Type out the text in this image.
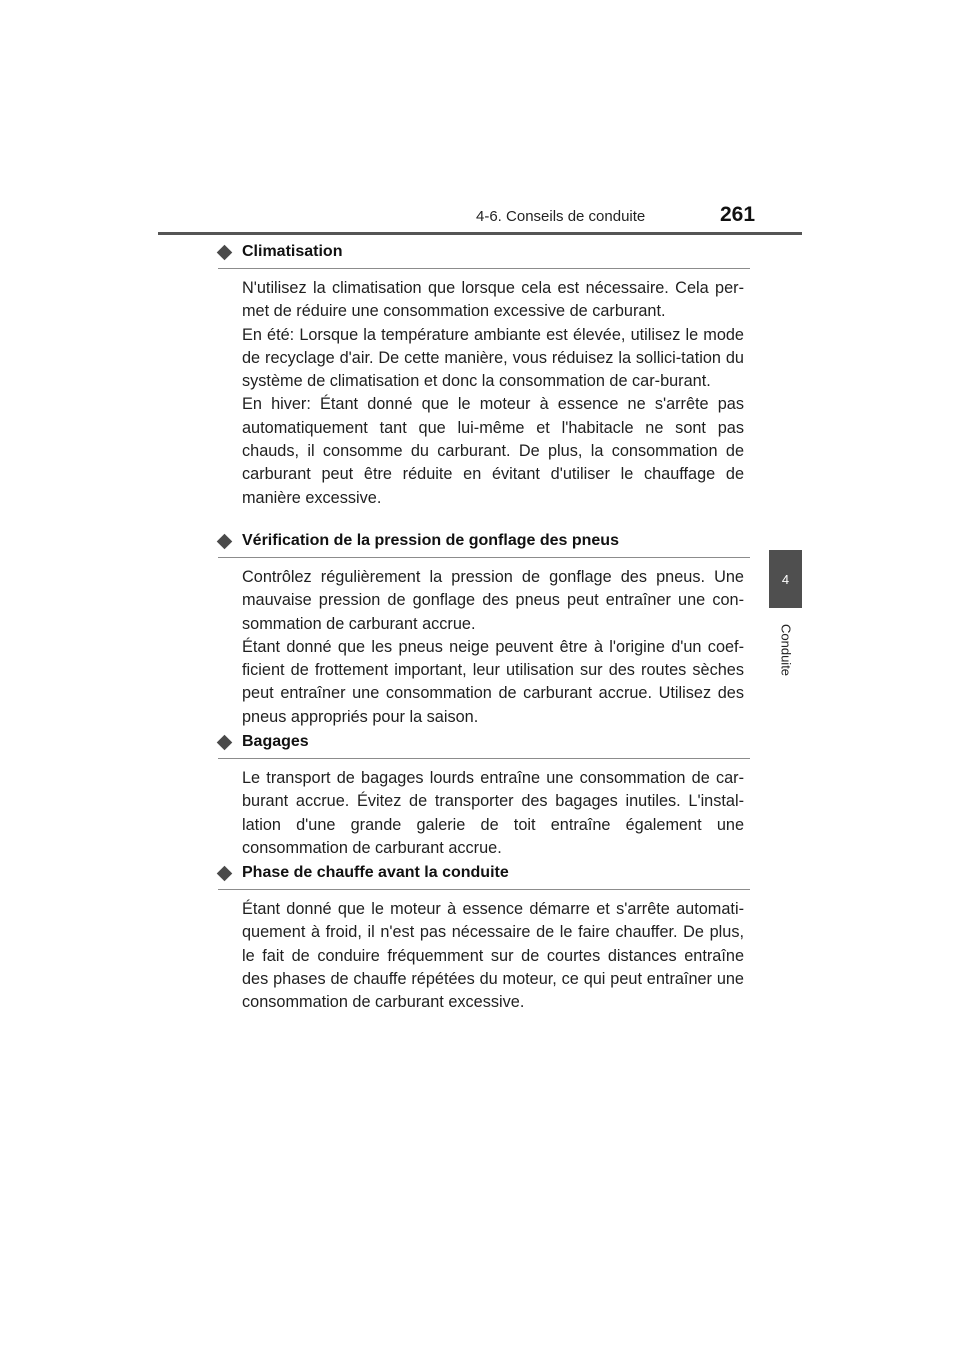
4-6. Conseils de conduite	261
4
Conduite
Climatisation

N'utilisez la climatisation que lorsque cela est nécessaire. Cela per-met de réduire une consommation excessive de carburant.

En été: Lorsque la température ambiante est élevée, utilisez le mode de recyclage d'air. De cette manière, vous réduisez la sollici-tation du système de climatisation et donc la consommation de car-burant.

En hiver: Étant donné que le moteur à essence ne s'arrête pas automatiquement tant que lui-même et l'habitacle ne sont pas chauds, il consomme du carburant. De plus, la consommation de carburant peut être réduite en évitant d'utiliser le chauffage de manière excessive.

Vérification de la pression de gonflage des pneus

Contrôlez régulièrement la pression de gonflage des pneus. Une mauvaise pression de gonflage des pneus peut entraîner une con-sommation de carburant accrue.

Étant donné que les pneus neige peuvent être à l'origine d'un coef-ficient de frottement important, leur utilisation sur des routes sèches peut entraîner une consommation de carburant accrue. Utilisez des pneus appropriés pour la saison.

Bagages

Le transport de bagages lourds entraîne une consommation de car-burant accrue. Évitez de transporter des bagages inutiles. L'instal-lation d'une grande galerie de toit entraîne également une consommation de carburant accrue.

Phase de chauffe avant la conduite

Étant donné que le moteur à essence démarre et s'arrête automati-quement à froid, il n'est pas nécessaire de le faire chauffer. De plus, le fait de conduire fréquemment sur de courtes distances entraîne des phases de chauffe répétées du moteur, ce qui peut entraîner une consommation de carburant excessive.
